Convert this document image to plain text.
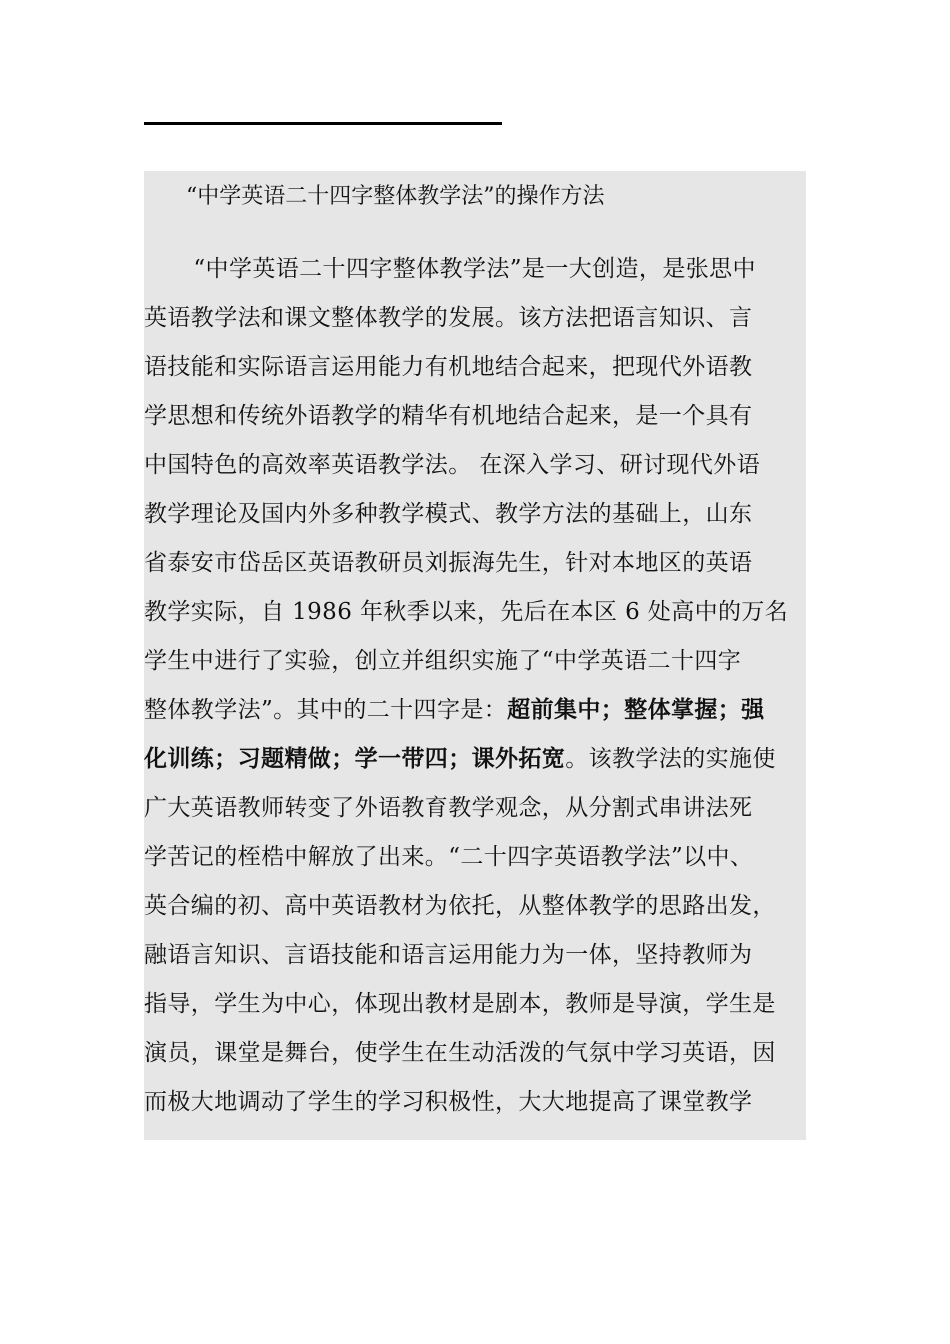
“中学英语二十四字整体教学法”的操作方法
　“中学英语二十四字整体教学法”是一大创造，是张思中
英语教学法和课文整体教学的发展。该方法把语言知识、言
语技能和实际语言运用能力有机地结合起来，把现代外语教
学思想和传统外语教学的精华有机地结合起来，是一个具有
中国特色的高效率英语教学法。 在深入学习、研讨现代外语
教学理论及国内外多种教学模式、教学方法的基础上，山东
省泰安市岱岳区英语教研员刘振海先生，针对本地区的英语
教学实际，自 1986 年秋季以来，先后在本区 6 处高中的万名
学生中进行了实验，创立并组织实施了“中学英语二十四字
整体教学法”。其中的二十四字是：超前集中；整体掌握；强
化训练；习题精做；学一带四；课外拓宽。该教学法的实施使
广大英语教师转变了外语教育教学观念，从分割式串讲法死
学苦记的桎梏中解放了出来。“二十四字英语教学法”以中、
英合编的初、高中英语教材为依托，从整体教学的思路出发，
融语言知识、言语技能和语言运用能力为一体，坚持教师为
指导，学生为中心，体现出教材是剧本，教师是导演，学生是
演员，课堂是舞台，使学生在生动活泼的气氛中学习英语，因
而极大地调动了学生的学习积极性，大大地提高了课堂教学
